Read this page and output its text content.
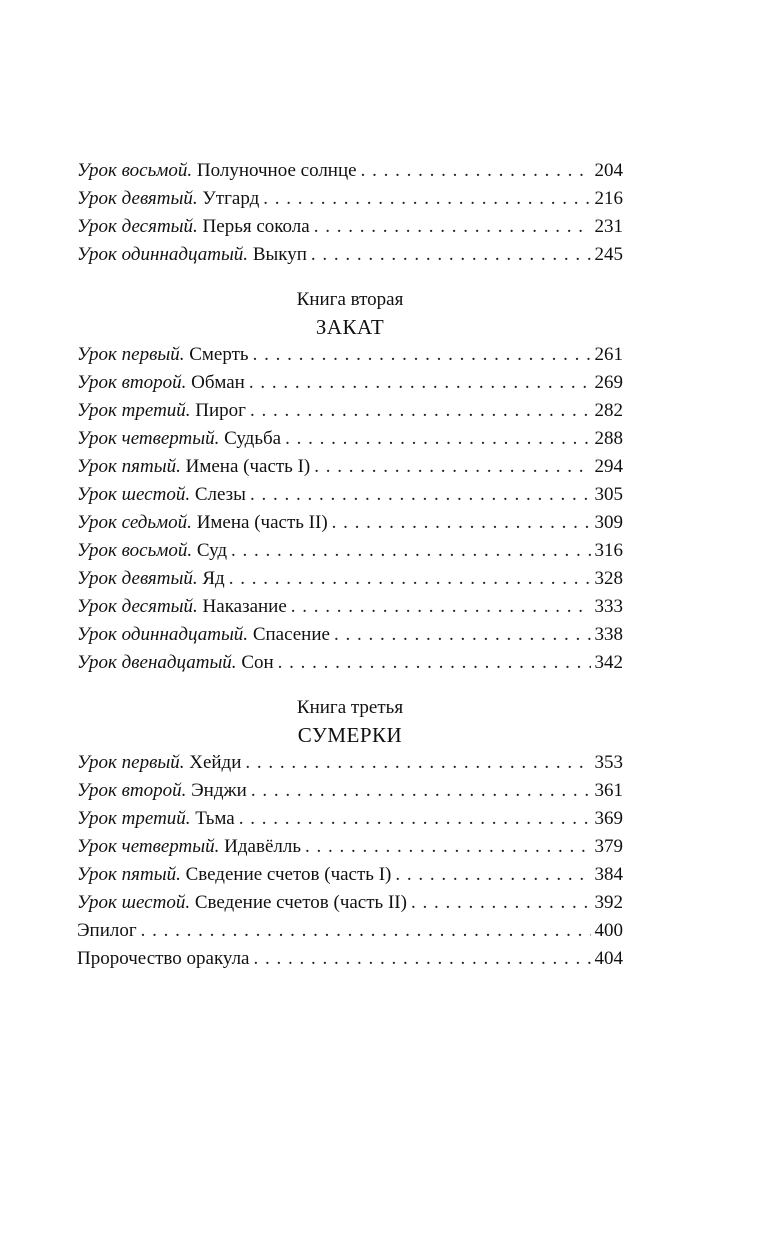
Урок восьмой. Полуночное солнце . . .	204
Урок девятый. Утгард . . .	216
Урок десятый. Перья сокола . . .	231
Урок одиннадцатый. Выкуп . . .	245
Книга вторая
ЗАКАТ
Урок первый. Смерть . . .	261
Урок второй. Обман . . .	269
Урок третий. Пирог . . .	282
Урок четвертый. Судьба . . .	288
Урок пятый. Имена (часть I) . . .	294
Урок шестой. Слезы . . .	305
Урок седьмой. Имена (часть II) . . .	309
Урок восьмой. Суд . . .	316
Урок девятый. Яд . . .	328
Урок десятый. Наказание . . .	333
Урок одиннадцатый. Спасение . . .	338
Урок двенадцатый. Сон . . .	342
Книга третья
СУМЕРКИ
Урок первый. Хейди . . .	353
Урок второй. Энджи . . .	361
Урок третий. Тьма . . .	369
Урок четвертый. Идавёлль . . .	379
Урок пятый. Сведение счетов (часть I) . . .	384
Урок шестой. Сведение счетов (часть II) . . .	392
Эпилог . . .	400
Пророчество оракула . . .	404
